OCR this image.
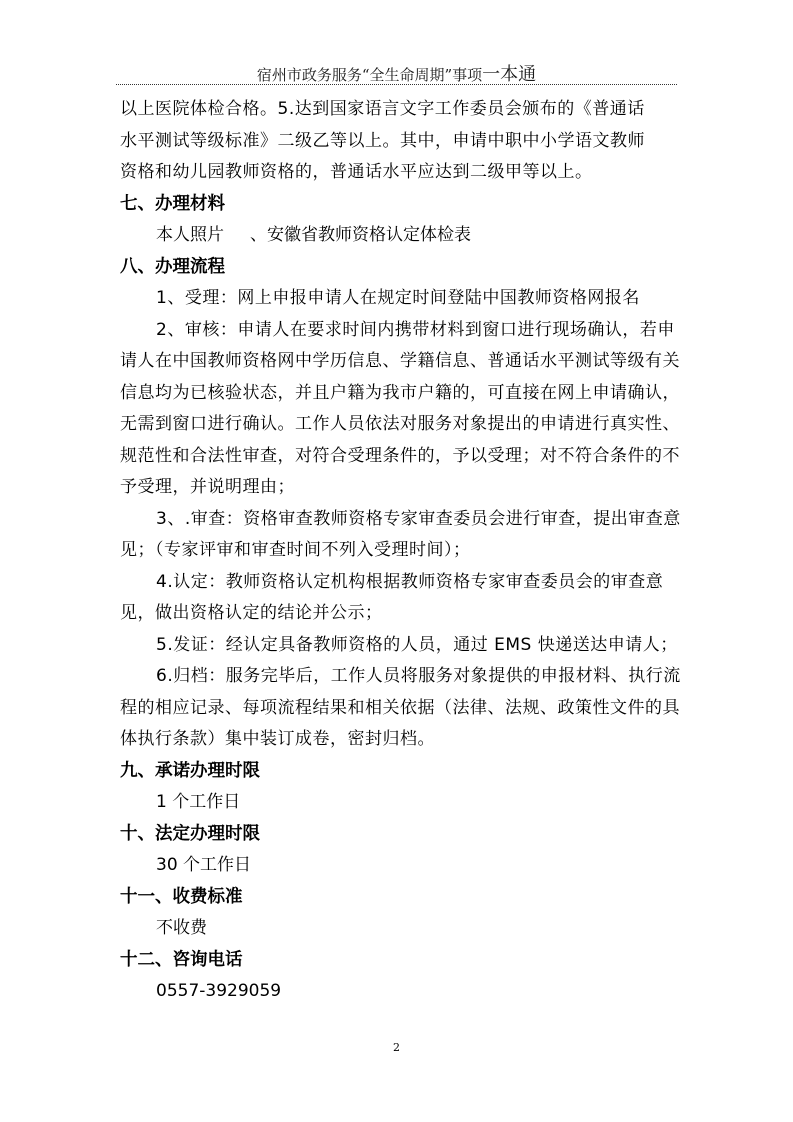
宿州市政务服务“全生命周期”事项一本通

以上医院体检合格。5.达到国家语言文字工作委员会颁布的《普通话

水平测试等级标准》二级乙等以上。其中，申请中职中小学语文教师

资格和幼儿园教师资格的，普通话水平应达到二级甲等以上。

七、办理材料

本人照片 、安徽省教师资格认定体检表

八、办理流程

1、受理：网上申报申请人在规定时间登陆中国教师资格网报名

2、审核：申请人在要求时间内携带材料到窗口进行现场确认，若申请人在中国教师资格网中学历信息、学籍信息、普通话水平测试等级有关信息均为已核验状态，并且户籍为我市户籍的，可直接在网上申请确认，无需到窗口进行确认。工作人员依法对服务对象提出的申请进行真实性、规范性和合法性审查，对符合受理条件的，予以受理；对不符合条件的不予受理，并说明理由；

3、.审查：资格审查教师资格专家审查委员会进行审查，提出审查意见；（专家评审和审查时间不列入受理时间）；

4.认定：教师资格认定机构根据教师资格专家审查委员会的审查意见，做出资格认定的结论并公示；

5.发证：经认定具备教师资格的人员，通过 EMS 快递送达申请人；

6.归档：服务完毕后，工作人员将服务对象提供的申报材料、执行流程的相应记录、每项流程结果和相关依据（法律、法规、政策性文件的具体执行条款）集中装订成卷，密封归档。

九、承诺办理时限

1 个工作日

十、法定办理时限

30 个工作日

十一、收费标准

不收费

十二、咨询电话

0557-3929059

2
